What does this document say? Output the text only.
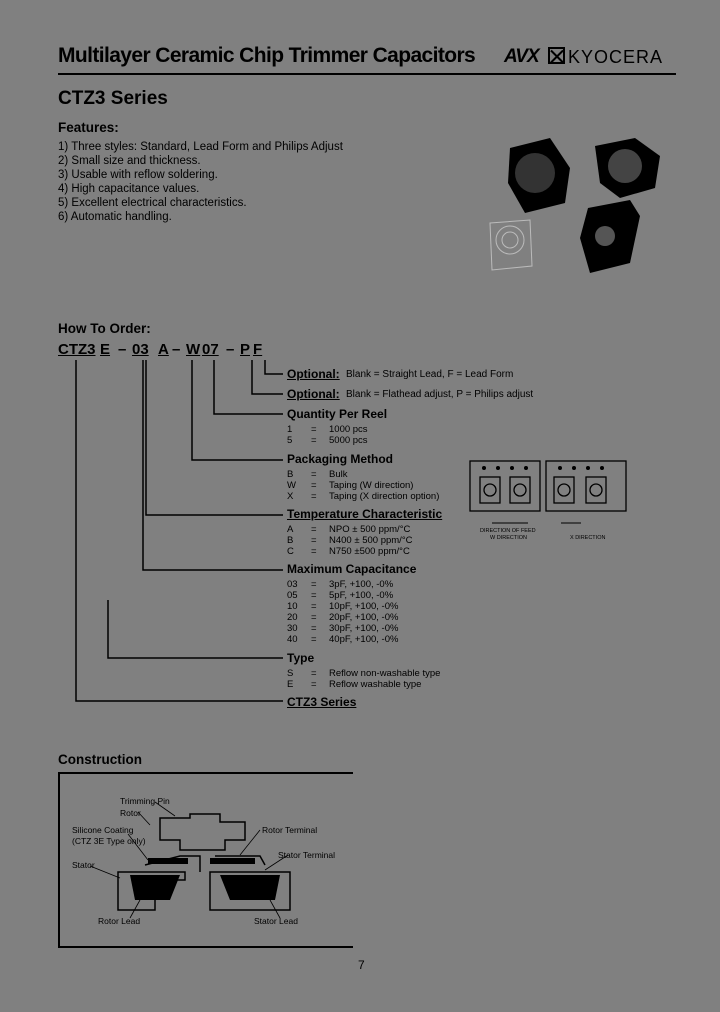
Multilayer Ceramic Chip Trimmer Capacitors AVX KYOCERA
CTZ3 Series
Features:
1) Three styles: Standard, Lead Form and Philips Adjust
2) Small size and thickness.
3) Usable with reflow soldering.
4) High capacitance values.
5) Excellent electrical characteristics.
6) Automatic handling.
How To Order:
CTZ3 E – 03 A – W 07 – P F
Optional: Blank = Straight Lead, F = Lead Form
Optional: Blank = Flathead adjust, P = Philips adjust
Quantity Per Reel
1	=	1000 pcs
5	=	5000 pcs
Packaging Method
B	=	Bulk
W	=	Taping (W direction)
X	=	Taping (X direction option)
Temperature Characteristic
A	=	NPO ± 500 ppm/°C
B	=	N400 ± 500 ppm/°C
C	=	N750 ±500 ppm/°C
Maximum Capacitance
03	=	3pF, +100, -0%
05	=	5pF, +100, -0%
10	=	10pF, +100, -0%
20	=	20pF, +100, -0%
30	=	30pF, +100, -0%
40	=	40pF, +100, -0%
Type
S	=	Reflow non-washable type
E	=	Reflow washable type
CTZ3 Series
DIRECTION OF FEED
W DIRECTION	X DIRECTION
Construction
Trimming Pin
Rotor
Silicone Coating
(CTZ 3E Type only)
Stator
Rotor Terminal
Stator Terminal
Rotor Lead	Stator Lead
7
